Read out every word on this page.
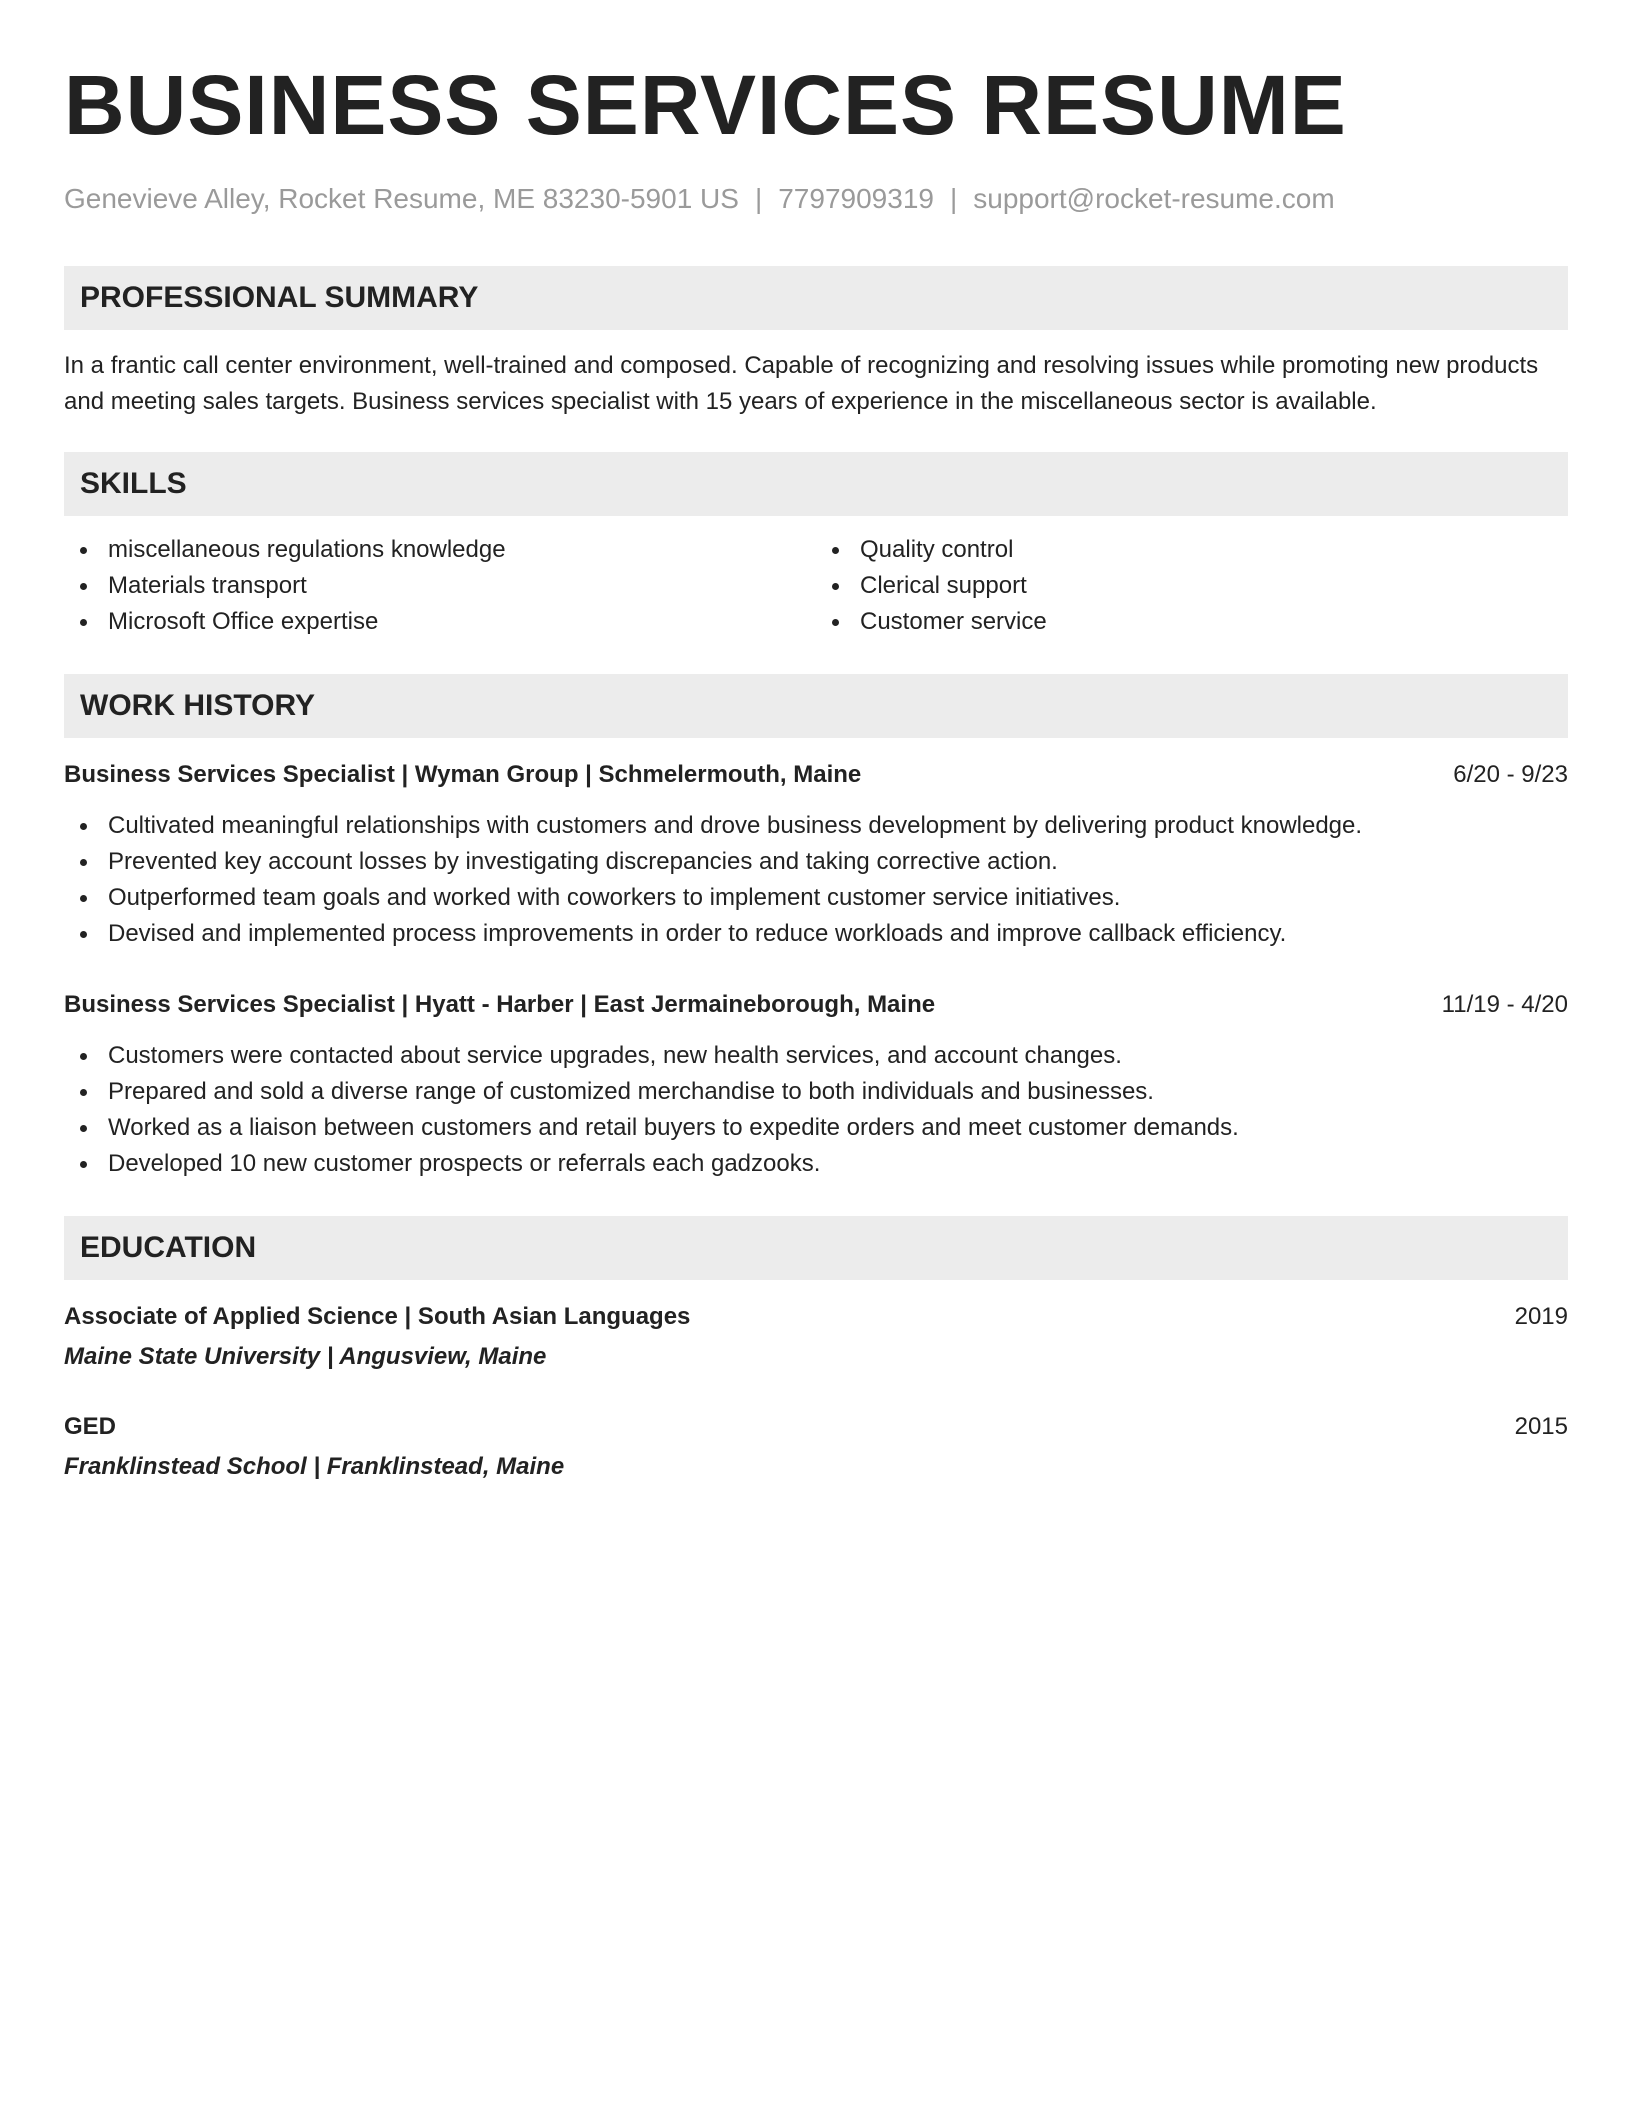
BUSINESS SERVICES RESUME
Genevieve Alley, Rocket Resume, ME 83230-5901 US | 7797909319 | support@rocket-resume.com
PROFESSIONAL SUMMARY

In a frantic call center environment, well-trained and composed. Capable of recognizing and resolving issues while promoting new products and meeting sales targets. Business services specialist with 15 years of experience in the miscellaneous sector is available.

SKILLS
miscellaneous regulations knowledge
Materials transport
Microsoft Office expertise
Quality control
Clerical support
Customer service
WORK HISTORY
Business Services Specialist | Wyman Group | Schmelermouth, Maine	6/20 - 9/23
Cultivated meaningful relationships with customers and drove business development by delivering product knowledge.
Prevented key account losses by investigating discrepancies and taking corrective action.
Outperformed team goals and worked with coworkers to implement customer service initiatives.
Devised and implemented process improvements in order to reduce workloads and improve callback efficiency.
Business Services Specialist | Hyatt - Harber | East Jermaineborough, Maine	11/19 - 4/20
Customers were contacted about service upgrades, new health services, and account changes.
Prepared and sold a diverse range of customized merchandise to both individuals and businesses.
Worked as a liaison between customers and retail buyers to expedite orders and meet customer demands.
Developed 10 new customer prospects or referrals each gadzooks.
EDUCATION
Associate of Applied Science | South Asian Languages	2019
Maine State University | Angusview, Maine
GED	2015
Franklinstead School | Franklinstead, Maine
